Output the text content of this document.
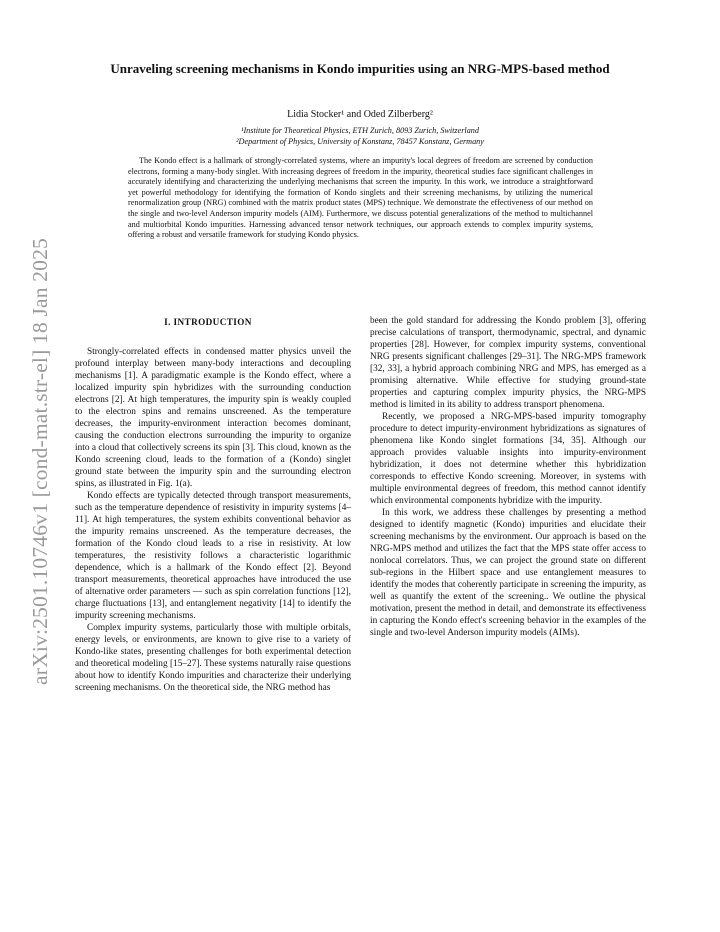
arXiv:2501.10746v1 [cond-mat.str-el] 18 Jan 2025
Unraveling screening mechanisms in Kondo impurities using an NRG-MPS-based method
Lidia Stocker¹ and Oded Zilberberg²
¹Institute for Theoretical Physics, ETH Zurich, 8093 Zurich, Switzerland
²Department of Physics, University of Konstanz, 78457 Konstanz, Germany

The Kondo effect is a hallmark of strongly-correlated systems, where an impurity's local degrees of freedom are screened by conduction electrons, forming a many-body singlet. With increasing degrees of freedom in the impurity, theoretical studies face significant challenges in accurately identifying and characterizing the underlying mechanisms that screen the impurity. In this work, we introduce a straightforward yet powerful methodology for identifying the formation of Kondo singlets and their screening mechanisms, by utilizing the numerical renormalization group (NRG) combined with the matrix product states (MPS) technique. We demonstrate the effectiveness of our method on the single and two-level Anderson impurity models (AIM). Furthermore, we discuss potential generalizations of the method to multichannel and multiorbital Kondo impurities. Harnessing advanced tensor network techniques, our approach extends to complex impurity systems, offering a robust and versatile framework for studying Kondo physics.

I. INTRODUCTION

Strongly-correlated effects in condensed matter physics unveil the profound interplay between many-body interactions and decoupling mechanisms [1]. A paradigmatic example is the Kondo effect, where a localized impurity spin hybridizes with the surrounding conduction electrons [2]. At high temperatures, the impurity spin is weakly coupled to the electron spins and remains unscreened. As the temperature decreases, the impurity-environment interaction becomes dominant, causing the conduction electrons surrounding the impurity to organize into a cloud that collectively screens its spin [3]. This cloud, known as the Kondo screening cloud, leads to the formation of a (Kondo) singlet ground state between the impurity spin and the surrounding electron spins, as illustrated in Fig. 1(a).

Kondo effects are typically detected through transport measurements, such as the temperature dependence of resistivity in impurity systems [4–11]. At high temperatures, the system exhibits conventional behavior as the impurity remains unscreened. As the temperature decreases, the formation of the Kondo cloud leads to a rise in resistivity. At low temperatures, the resistivity follows a characteristic logarithmic dependence, which is a hallmark of the Kondo effect [2]. Beyond transport measurements, theoretical approaches have introduced the use of alternative order parameters — such as spin correlation functions [12], charge fluctuations [13], and entanglement negativity [14] to identify the impurity screening mechanisms.

Complex impurity systems, particularly those with multiple orbitals, energy levels, or environments, are known to give rise to a variety of Kondo-like states, presenting challenges for both experimental detection and theoretical modeling [15–27]. These systems naturally raise questions about how to identify Kondo impurities and characterize their underlying screening mechanisms. On the theoretical side, the NRG method has

been the gold standard for addressing the Kondo problem [3], offering precise calculations of transport, thermodynamic, spectral, and dynamic properties [28]. However, for complex impurity systems, conventional NRG presents significant challenges [29–31]. The NRG-MPS framework [32, 33], a hybrid approach combining NRG and MPS, has emerged as a promising alternative. While effective for studying ground-state properties and capturing complex impurity physics, the NRG-MPS method is limited in its ability to address transport phenomena.

Recently, we proposed a NRG-MPS-based impurity tomography procedure to detect impurity-environment hybridizations as signatures of phenomena like Kondo singlet formations [34, 35]. Although our approach provides valuable insights into impurity-environment hybridization, it does not determine whether this hybridization corresponds to effective Kondo screening. Moreover, in systems with multiple environmental degrees of freedom, this method cannot identify which environmental components hybridize with the impurity.

In this work, we address these challenges by presenting a method designed to identify magnetic (Kondo) impurities and elucidate their screening mechanisms by the environment. Our approach is based on the NRG-MPS method and utilizes the fact that the MPS state offer access to nonlocal correlators. Thus, we can project the ground state on different sub-regions in the Hilbert space and use entanglement measures to identify the modes that coherently participate in screening the impurity, as well as quantify the extent of the screening.. We outline the physical motivation, present the method in detail, and demonstrate its effectiveness in capturing the Kondo effect's screening behavior in the examples of the single and two-level Anderson impurity models (AIMs).
